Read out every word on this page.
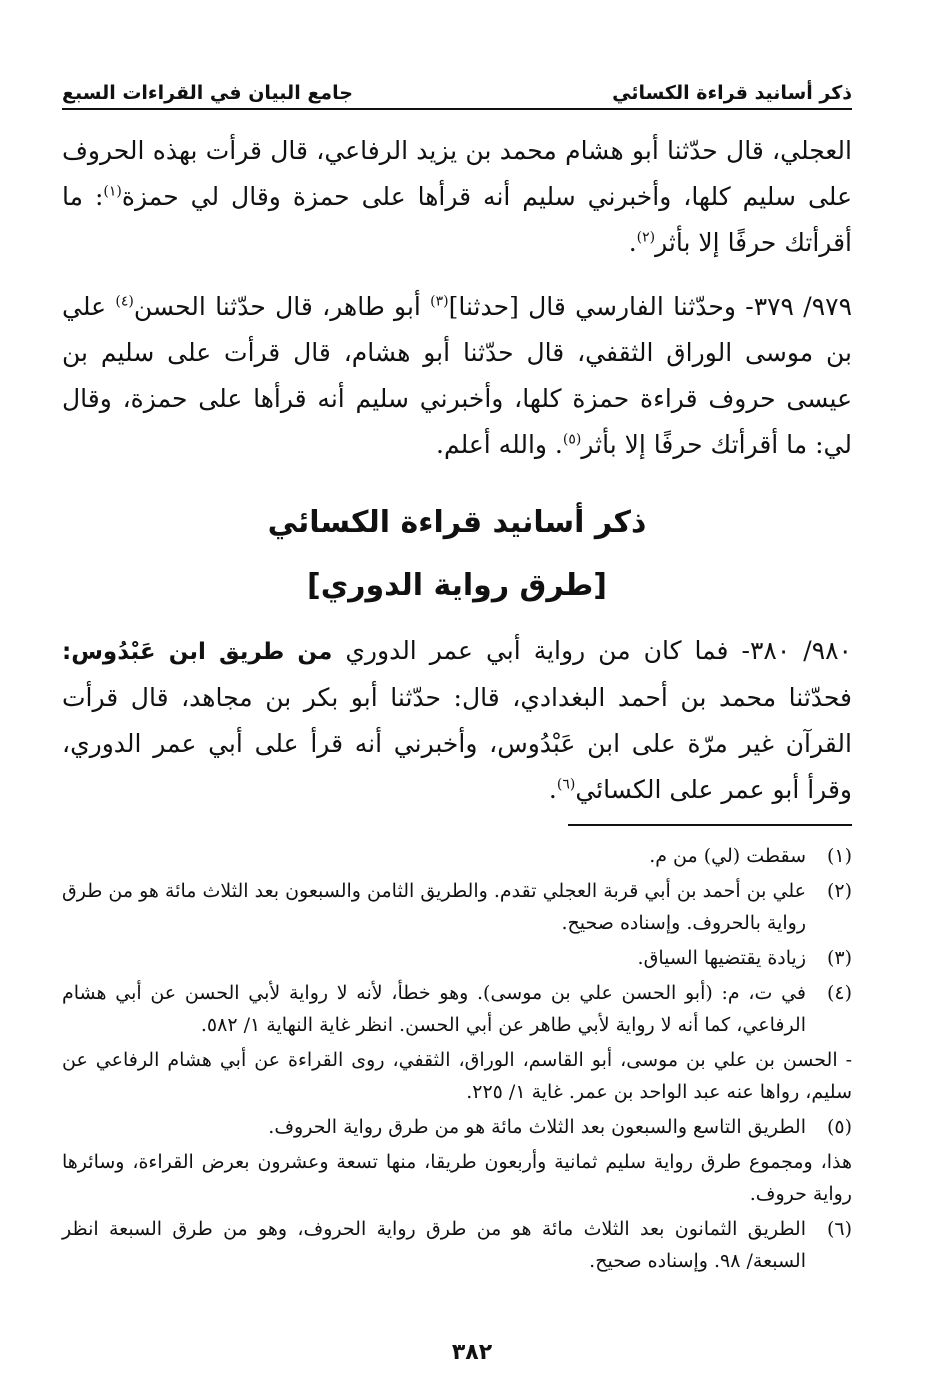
جامع البيان في القراءات السبع	ذكر أسانيد قراءة الكسائي

العجلي، قال حدّثنا أبو هشام محمد بن يزيد الرفاعي، قال قرأت بهذه الحروف على سليم كلها، وأخبرني سليم أنه قرأها على حمزة وقال لي حمزة$^{(١)}$: ما أقرأتك حرفًا إلا بأثر$^{(٢)}$.

٩٧٩/ ٣٧٩- وحدّثنا الفارسي قال [حدثنا]$^{(٣)}$ أبو طاهر، قال حدّثنا الحسن$^{(٤)}$ علي بن موسى الوراق الثقفي، قال حدّثنا أبو هشام، قال قرأت على سليم بن عيسى حروف قراءة حمزة كلها، وأخبرني سليم أنه قرأها على حمزة، وقال لي: ما أقرأتك حرفًا إلا بأثر$^{(٥)}$. والله أعلم.

ذكر أسانيد قراءة الكسائي
[طرق رواية الدوري]

٩٨٠/ ٣٨٠- فما كان من رواية أبي عمر الدوري من طريق ابن عَبْدُوس: فحدّثنا محمد بن أحمد البغدادي، قال: حدّثنا أبو بكر بن مجاهد، قال قرأت القرآن غير مرّة على ابن عَبْدُوس، وأخبرني أنه قرأ على أبي عمر الدوري، وقرأ أبو عمر على الكسائي$^{(٦)}$.

(١)
سقطت (لي) من م.
(٢)
علي بن أحمد بن أبي قربة العجلي تقدم. والطريق الثامن والسبعون بعد الثلاث مائة هو من طرق رواية بالحروف. وإسناده صحيح.
(٣)
زيادة يقتضيها السياق.
(٤)
في ت، م: (أبو الحسن علي بن موسى). وهو خطأ، لأنه لا رواية لأبي الحسن عن أبي هشام الرفاعي، كما أنه لا رواية لأبي طاهر عن أبي الحسن. انظر غاية النهاية ١/ ٥٨٢.
- الحسن بن علي بن موسى، أبو القاسم، الوراق، الثقفي، روى القراءة عن أبي هشام الرفاعي عن سليم، رواها عنه عبد الواحد بن عمر. غاية ١/ ٢٢٥.
(٥)
الطريق التاسع والسبعون بعد الثلاث مائة هو من طرق رواية الحروف.
هذا، ومجموع طرق رواية سليم ثمانية وأربعون طريقا، منها تسعة وعشرون بعرض القراءة، وسائرها رواية حروف.
(٦)
الطريق الثمانون بعد الثلاث مائة هو من طرق رواية الحروف، وهو من طرق السبعة انظر السبعة/ ٩٨. وإسناده صحيح.
٣٨٢
